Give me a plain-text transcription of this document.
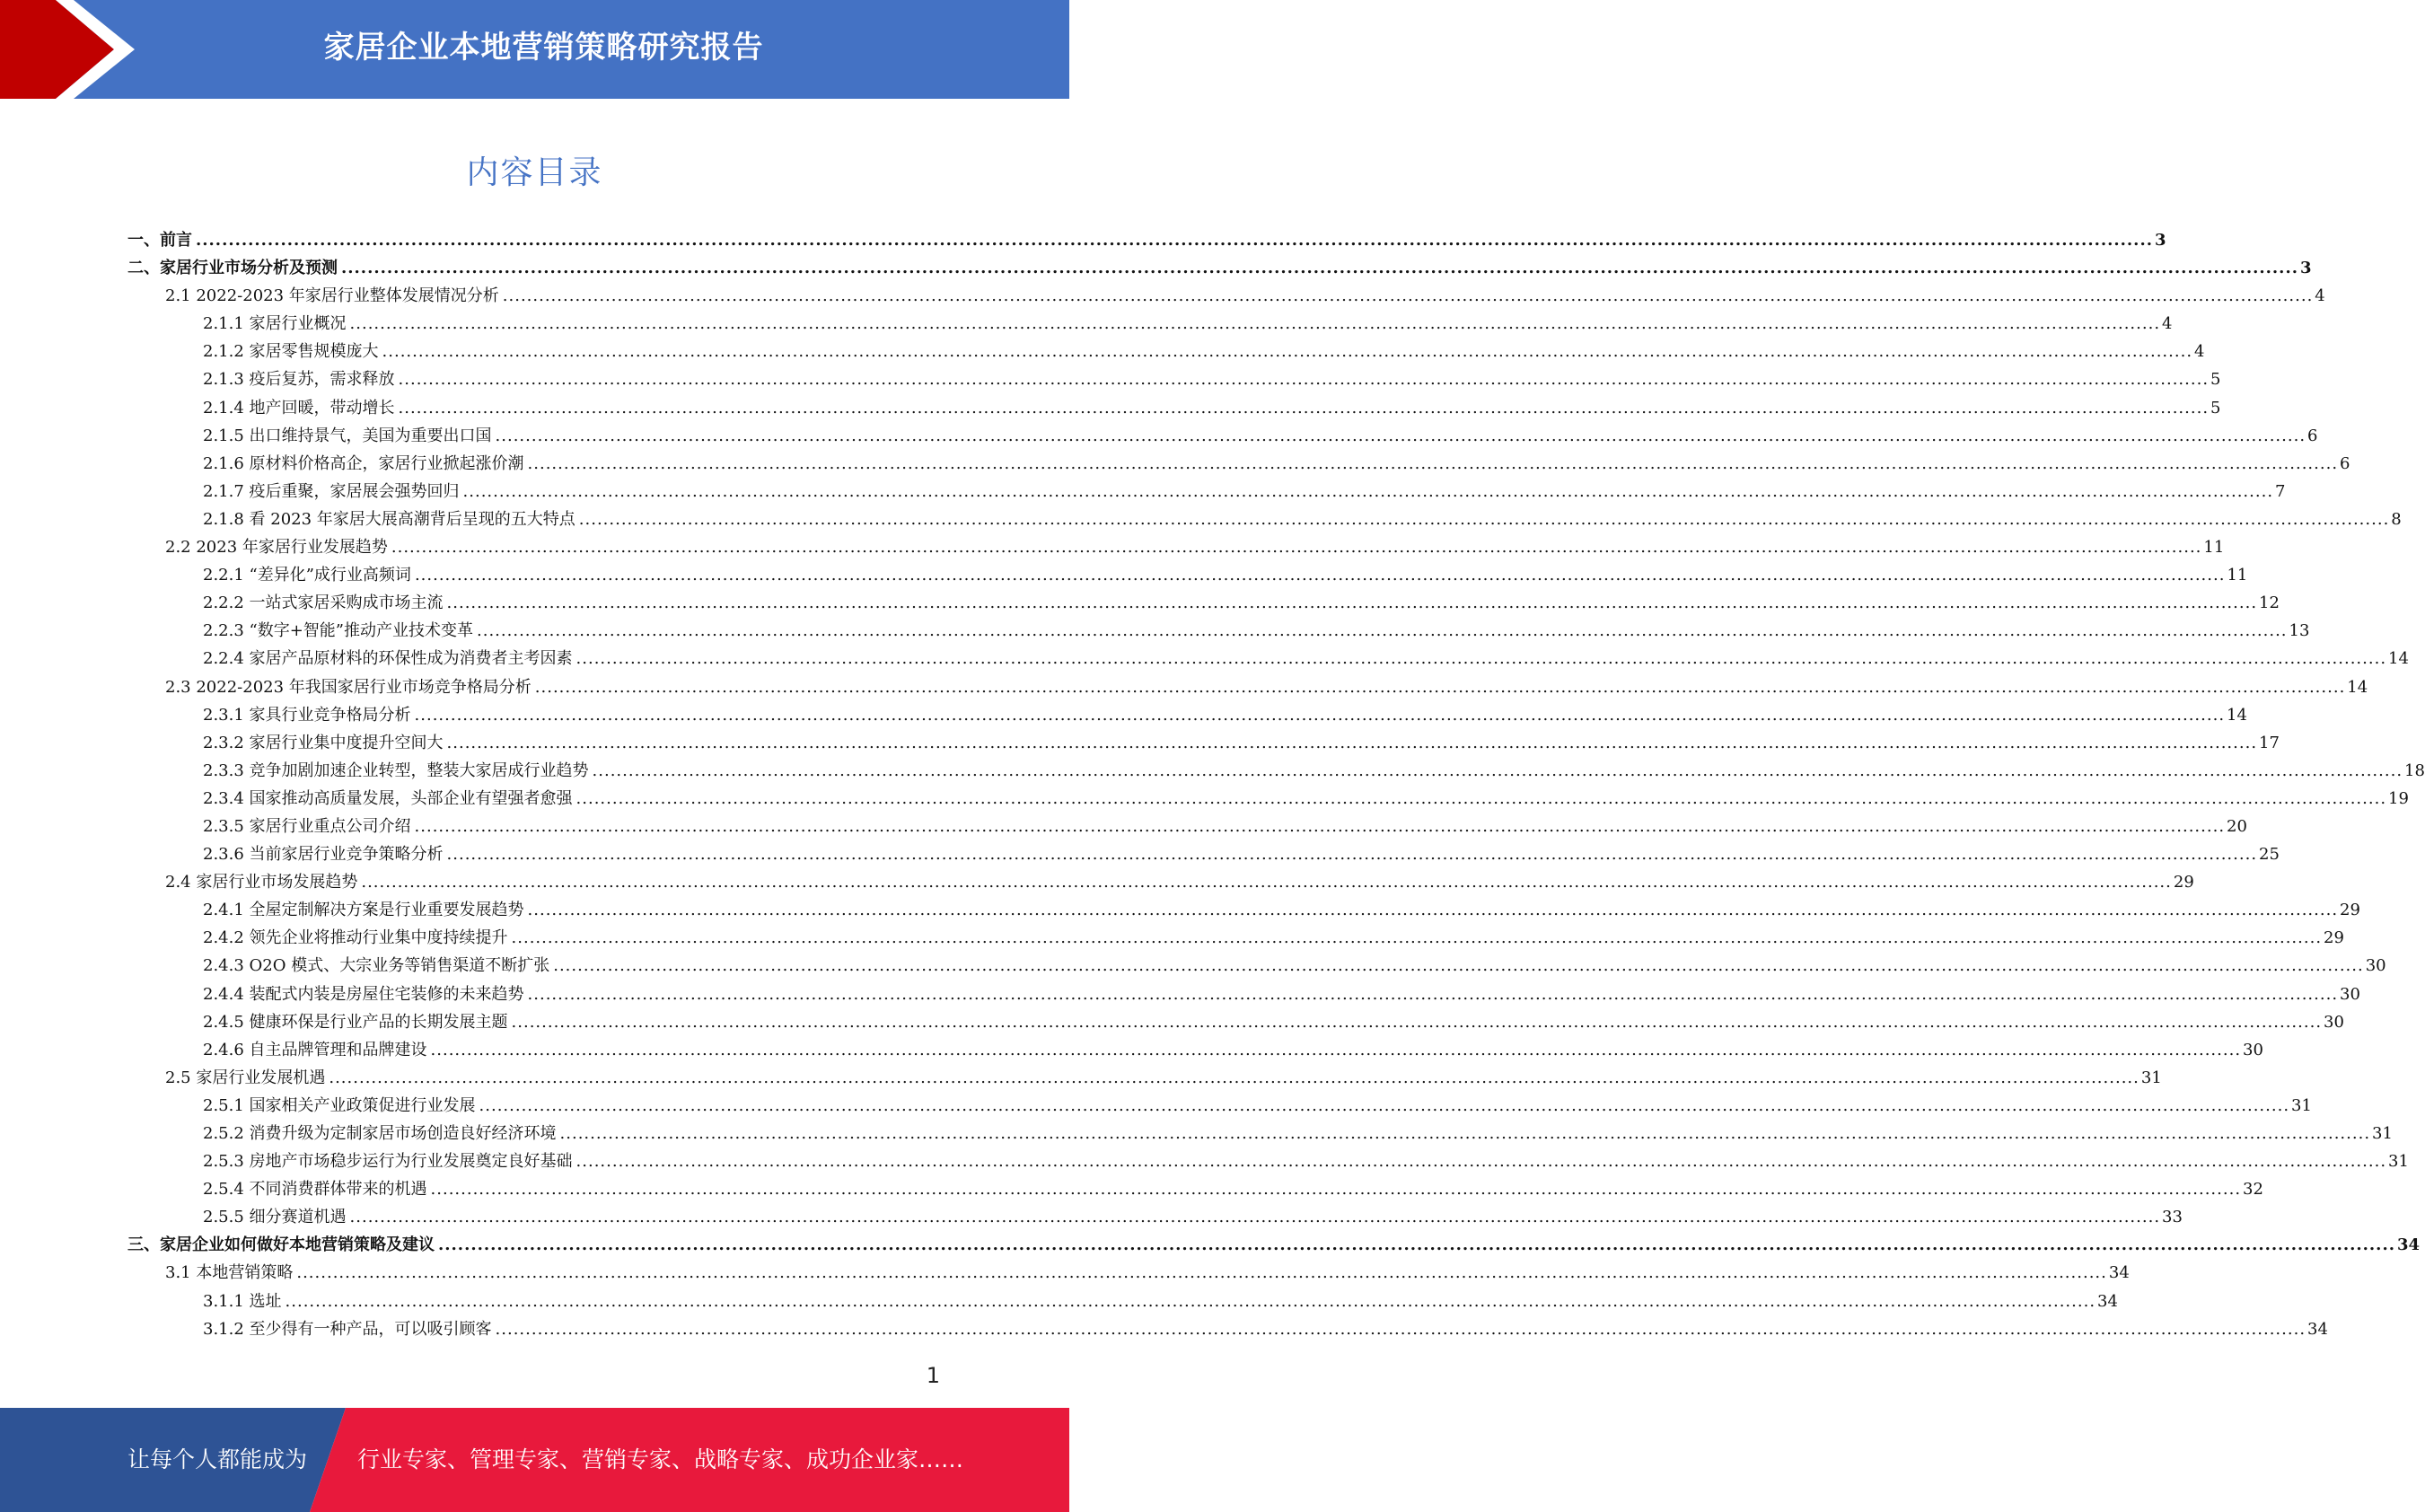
家居企业本地营销策略研究报告
内容目录
一、前言 ............................................................................................................................................................................................................................................................................................................ 3
二、家居行业市场分析及预测 ............................................................................................................................................................................................................................................................................................................ 3
2.1 2022-2023 年家居行业整体发展情况分析 ............................................................................................................................................................................................................................................................................................................ 4
2.1.1 家居行业概况 ............................................................................................................................................................................................................................................................................................................ 4
2.1.2 家居零售规模庞大 ............................................................................................................................................................................................................................................................................................................ 4
2.1.3 疫后复苏，需求释放 ............................................................................................................................................................................................................................................................................................................ 5
2.1.4 地产回暖，带动增长 ............................................................................................................................................................................................................................................................................................................ 5
2.1.5 出口维持景气，美国为重要出口国 ............................................................................................................................................................................................................................................................................................................ 6
2.1.6 原材料价格高企，家居行业掀起涨价潮 ............................................................................................................................................................................................................................................................................................................ 6
2.1.7 疫后重聚，家居展会强势回归 ............................................................................................................................................................................................................................................................................................................ 7
2.1.8 看 2023 年家居大展高潮背后呈现的五大特点 ............................................................................................................................................................................................................................................................................................................ 8
2.2 2023 年家居行业发展趋势 ............................................................................................................................................................................................................................................................................................................ 11
2.2.1 “差异化”成行业高频词 ............................................................................................................................................................................................................................................................................................................ 11
2.2.2 一站式家居采购成市场主流 ............................................................................................................................................................................................................................................................................................................ 12
2.2.3 “数字+智能”推动产业技术变革 ............................................................................................................................................................................................................................................................................................................ 13
2.2.4 家居产品原材料的环保性成为消费者主考因素 ............................................................................................................................................................................................................................................................................................................ 14
2.3 2022-2023 年我国家居行业市场竞争格局分析 ............................................................................................................................................................................................................................................................................................................ 14
2.3.1 家具行业竞争格局分析 ............................................................................................................................................................................................................................................................................................................ 14
2.3.2 家居行业集中度提升空间大 ............................................................................................................................................................................................................................................................................................................ 17
2.3.3 竞争加剧加速企业转型，整装大家居成行业趋势 ............................................................................................................................................................................................................................................................................................................ 18
2.3.4 国家推动高质量发展，头部企业有望强者愈强 ............................................................................................................................................................................................................................................................................................................ 19
2.3.5 家居行业重点公司介绍 ............................................................................................................................................................................................................................................................................................................ 20
2.3.6 当前家居行业竞争策略分析 ............................................................................................................................................................................................................................................................................................................ 25
2.4 家居行业市场发展趋势 ............................................................................................................................................................................................................................................................................................................ 29
2.4.1 全屋定制解决方案是行业重要发展趋势 ............................................................................................................................................................................................................................................................................................................ 29
2.4.2 领先企业将推动行业集中度持续提升 ............................................................................................................................................................................................................................................................................................................ 29
2.4.3 O2O 模式、大宗业务等销售渠道不断扩张 ............................................................................................................................................................................................................................................................................................................ 30
2.4.4 装配式内装是房屋住宅装修的未来趋势 ............................................................................................................................................................................................................................................................................................................ 30
2.4.5 健康环保是行业产品的长期发展主题 ............................................................................................................................................................................................................................................................................................................ 30
2.4.6 自主品牌管理和品牌建设 ............................................................................................................................................................................................................................................................................................................ 30
2.5 家居行业发展机遇 ............................................................................................................................................................................................................................................................................................................ 31
2.5.1 国家相关产业政策促进行业发展 ............................................................................................................................................................................................................................................................................................................ 31
2.5.2 消费升级为定制家居市场创造良好经济环境 ............................................................................................................................................................................................................................................................................................................ 31
2.5.3 房地产市场稳步运行为行业发展奠定良好基础 ............................................................................................................................................................................................................................................................................................................ 31
2.5.4 不同消费群体带来的机遇 ............................................................................................................................................................................................................................................................................................................ 32
2.5.5 细分赛道机遇 ............................................................................................................................................................................................................................................................................................................ 33
三、家居企业如何做好本地营销策略及建议 ............................................................................................................................................................................................................................................................................................................ 34
3.1 本地营销策略 ............................................................................................................................................................................................................................................................................................................ 34
3.1.1 选址 ............................................................................................................................................................................................................................................................................................................ 34
3.1.2 至少得有一种产品，可以吸引顾客 ............................................................................................................................................................................................................................................................................................................ 34
1
让每个人都能成为 行业专家、管理专家、营销专家、战略专家、成功企业家……
